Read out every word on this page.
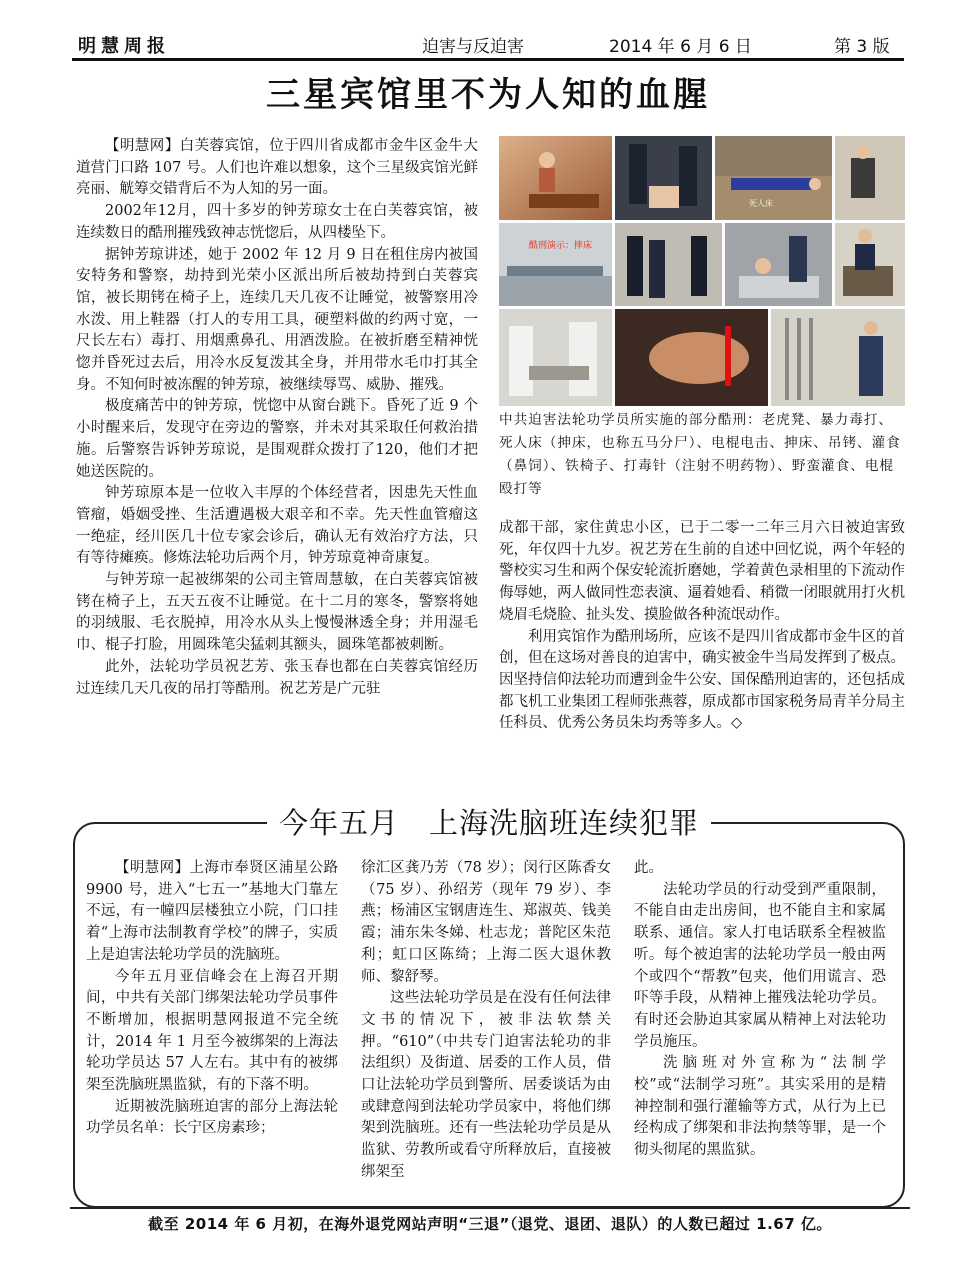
明慧周报	迫害与反迫害	2014 年 6 月 6 日	第 3 版
三星宾馆里不为人知的血腥

【明慧网】白芙蓉宾馆，位于四川省成都市金牛区金牛大道营门口路 107 号。人们也许难以想象，这个三星级宾馆光鲜亮丽、觥筹交错背后不为人知的另一面。

2002年12月，四十多岁的钟芳琼女士在白芙蓉宾馆，被连续数日的酷刑摧残致神志恍惚后，从四楼坠下。

据钟芳琼讲述，她于 2002 年 12 月 9 日在租住房内被国安特务和警察，劫持到光荣小区派出所后被劫持到白芙蓉宾馆，被长期铐在椅子上，连续几天几夜不让睡觉，被警察用冷水泼、用上鞋器（打人的专用工具，硬塑料做的约两寸宽，一尺长左右）毒打、用烟熏鼻孔、用酒泼脸。在被折磨至精神恍惚并昏死过去后，用冷水反复泼其全身，并用带水毛巾打其全身。不知何时被冻醒的钟芳琼，被继续辱骂、威胁、摧残。

极度痛苦中的钟芳琼，恍惚中从窗台跳下。昏死了近 9 个小时醒来后，发现守在旁边的警察，并未对其采取任何救治措施。后警察告诉钟芳琼说，是围观群众拨打了120，他们才把她送医院的。

钟芳琼原本是一位收入丰厚的个体经营者，因患先天性血管瘤，婚姻受挫、生活遭遇极大艰辛和不幸。先天性血管瘤这一绝症，经川医几十位专家会诊后，确认无有效治疗方法，只有等待瘫痪。修炼法轮功后两个月，钟芳琼竟神奇康复。

与钟芳琼一起被绑架的公司主管周慧敏，在白芙蓉宾馆被铐在椅子上，五天五夜不让睡觉。在十二月的寒冬，警察将她的羽绒服、毛衣脱掉，用冷水从头上慢慢淋透全身；并用湿毛巾、棍子打脸，用圆珠笔尖猛刺其额头，圆珠笔都被刺断。

此外，法轮功学员祝艺芳、张玉春也都在白芙蓉宾馆经历过连续几天几夜的吊打等酷刑。祝艺芳是广元驻

死人床
酷刑演示：摔床
中共迫害法轮功学员所实施的部分酷刑：老虎凳、暴力毒打、死人床（抻床，也称五马分尸）、电棍电击、抻床、吊铐、灌食（鼻饲）、铁椅子、打毒针（注射不明药物）、野蛮灌食、电棍殴打等

成都干部，家住黄忠小区，已于二零一二年三月六日被迫害致死，年仅四十九岁。祝艺芳在生前的自述中回忆说，两个年轻的警校实习生和两个保安轮流折磨她，学着黄色录相里的下流动作侮辱她，两人做同性恋表演、逼着她看、稍微一闭眼就用打火机烧眉毛烧脸、扯头发、摸脸做各种流氓动作。

利用宾馆作为酷刑场所，应该不是四川省成都市金牛区的首创，但在这场对善良的迫害中，确实被金牛当局发挥到了极点。因坚持信仰法轮功而遭到金牛公安、国保酷刑迫害的，还包括成都飞机工业集团工程师张燕蓉，原成都市国家税务局青羊分局主任科员、优秀公务员朱均秀等多人。◇

今年五月　上海洗脑班连续犯罪

【明慧网】上海市奉贤区浦星公路 9900 号，进入“七五一”基地大门靠左不远，有一幢四层楼独立小院，门口挂着“上海市法制教育学校”的牌子，实质上是迫害法轮功学员的洗脑班。

今年五月亚信峰会在上海召开期间，中共有关部门绑架法轮功学员事件不断增加，根据明慧网报道不完全统计，2014 年 1 月至今被绑架的上海法轮功学员达 57 人左右。其中有的被绑架至洗脑班黑监狱，有的下落不明。

近期被洗脑班迫害的部分上海法轮功学员名单：长宁区房素珍；

徐汇区龚乃芳（78 岁）；闵行区陈香女（75 岁）、孙绍芳（现年 79 岁）、李燕；杨浦区宝钢唐连生、郑淑英、钱美霞；浦东朱冬娣、杜志龙；普陀区朱范利；虹口区陈绮；上海二医大退休教师、黎舒琴。

这些法轮功学员是在没有任何法律文书的情况下，被非法软禁关押。“610”（中共专门迫害法轮功的非法组织）及街道、居委的工作人员，借口让法轮功学员到警所、居委谈话为由或肆意闯到法轮功学员家中，将他们绑架到洗脑班。还有一些法轮功学员是从监狱、劳教所或看守所释放后，直接被绑架至

此。

法轮功学员的行动受到严重限制，不能自由走出房间，也不能自主和家属联系、通信。家人打电话联系全程被监听。每个被迫害的法轮功学员一般由两个或四个“帮教”包夹，他们用谎言、恐吓等手段，从精神上摧残法轮功学员。有时还会胁迫其家属从精神上对法轮功学员施压。

洗脑班对外宣称为“法制学校”或“法制学习班”。其实采用的是精神控制和强行灌输等方式，从行为上已经构成了绑架和非法拘禁等罪，是一个彻头彻尾的黑监狱。

截至 2014 年 6 月初，在海外退党网站声明“三退”（退党、退团、退队）的人数已超过 1.67 亿。
